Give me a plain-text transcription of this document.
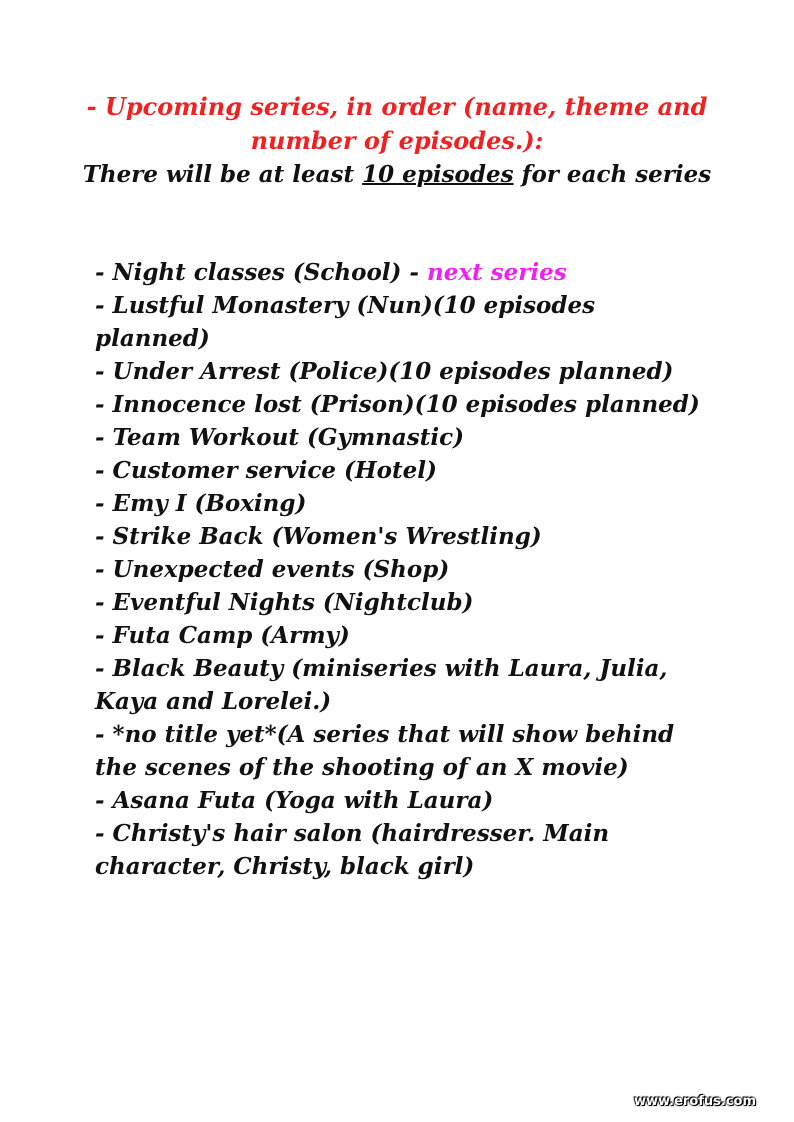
- Upcoming series, in order (name, theme and number of episodes.):
There will be at least 10 episodes for each series
- Night classes (School) - next series
- Lustful Monastery (Nun)(10 episodes planned)
- Under Arrest (Police)(10 episodes planned)
- Innocence lost (Prison)(10 episodes planned)
- Team Workout (Gymnastic)
- Customer service (Hotel)
- Emy I (Boxing)
- Strike Back (Women's Wrestling)
- Unexpected events (Shop)
- Eventful Nights (Nightclub)
- Futa Camp (Army)
- Black Beauty (miniseries with Laura, Julia, Kaya and Lorelei.)
- *no title yet*(A series that will show behind the scenes of the shooting of an X movie)
- Asana Futa (Yoga with Laura)
- Christy's hair salon (hairdresser. Main character, Christy, black girl)
www.erofus.com
